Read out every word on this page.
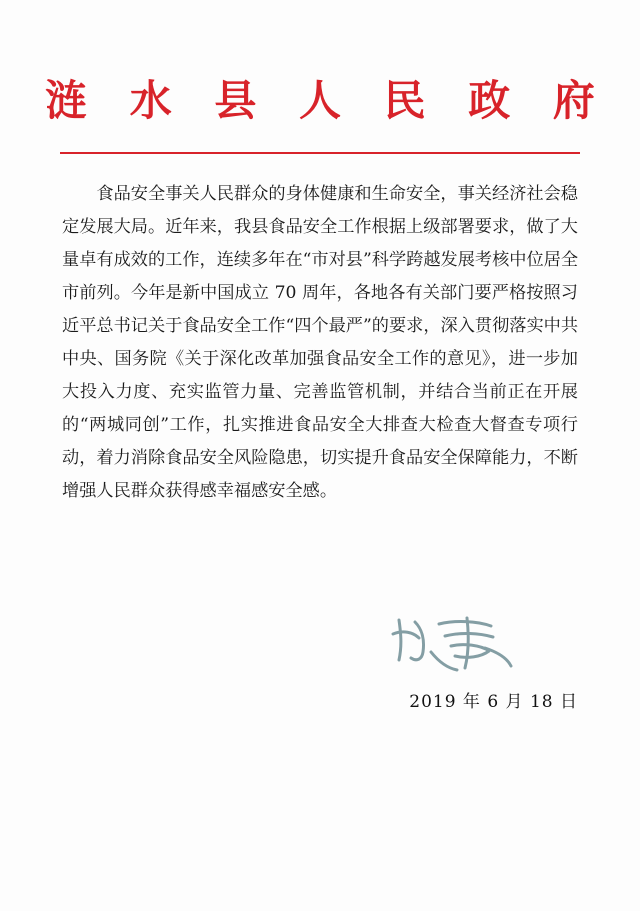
涟 水 县 人 民 政 府

食品安全事关人民群众的身体健康和生命安全，事关经济社会稳定发展大局。近年来，我县食品安全工作根据上级部署要求，做了大量卓有成效的工作，连续多年在“市对县”科学跨越发展考核中位居全市前列。今年是新中国成立 70 周年，各地各有关部门要严格按照习近平总书记关于食品安全工作“四个最严”的要求，深入贯彻落实中共中央、国务院《关于深化改革加强食品安全工作的意见》，进一步加大投入力度、充实监管力量、完善监管机制，并结合当前正在开展的“两城同创”工作，扎实推进食品安全大排查大检查大督查专项行动，着力消除食品安全风险隐患，切实提升食品安全保障能力，不断增强人民群众获得感幸福感安全感。

2019 年 6 月 18 日
